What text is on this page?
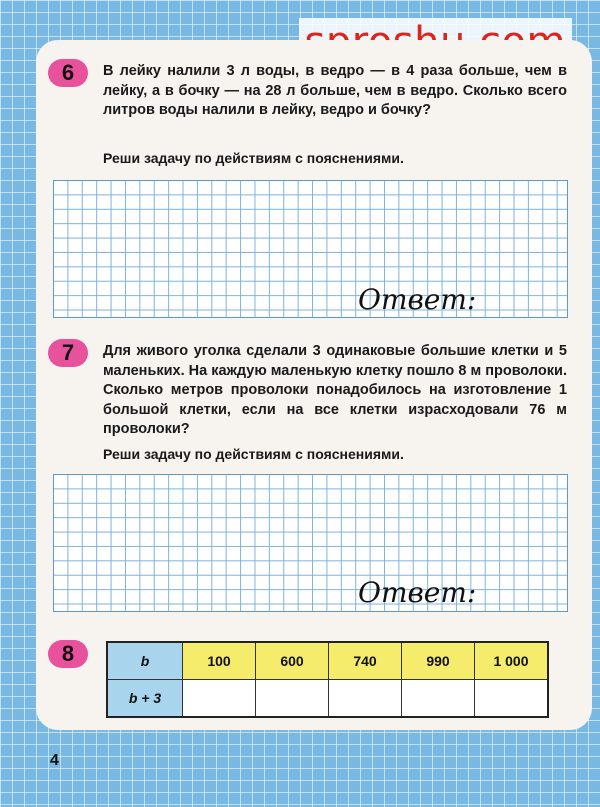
6	В лейку налили 3 л воды, в ведро — в 4 раза больше, чем в лейку, а в бочку — на 28 л больше, чем в ведро. Сколько всего литров воды налили в лейку, ведро и бочку?
Реши задачу по действиям с пояснениями.
Ответ:
7	Для живого уголка сделали 3 одинаковые большие клетки и 5 маленьких. На каждую маленькую клетку пошло 8 м проволоки. Сколько метров проволоки понадобилось на изготовление 1 большой клетки, если на все клетки израсходовали 76 м проволоки?
Реши задачу по действиям с пояснениями.
Ответ:
8	b	100	600	740	990	1 000
b + 3					
4
